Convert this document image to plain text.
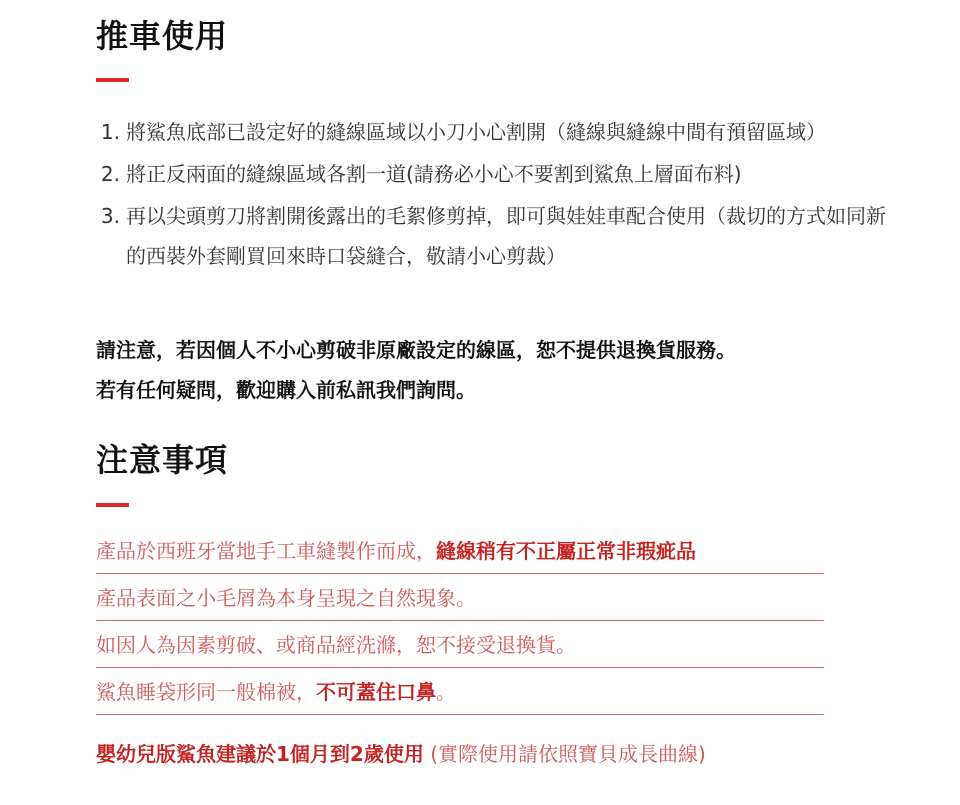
推車使用
1. 將鯊魚底部已設定好的縫線區域以小刀小心割開（縫線與縫線中間有預留區域）
2. 將正反兩面的縫線區域各割一道(請務必小心不要割到鯊魚上層面布料)
3. 再以尖頭剪刀將割開後露出的毛絮修剪掉，即可與娃娃車配合使用（裁切的方式如同新的西裝外套剛買回來時口袋縫合，敬請小心剪裁）
請注意，若因個人不小心剪破非原廠設定的線區，恕不提供退換貨服務。
若有任何疑問，歡迎購入前私訊我們詢問。
注意事項
產品於西班牙當地手工車縫製作而成，縫線稍有不正屬正常非瑕疵品
產品表面之小毛屑為本身呈現之自然現象。
如因人為因素剪破、或商品經洗滌，恕不接受退換貨。
鯊魚睡袋形同一般棉被，不可蓋住口鼻。
嬰幼兒版鯊魚建議於1個月到2歲使用 (實際使用請依照寶貝成長曲線)
